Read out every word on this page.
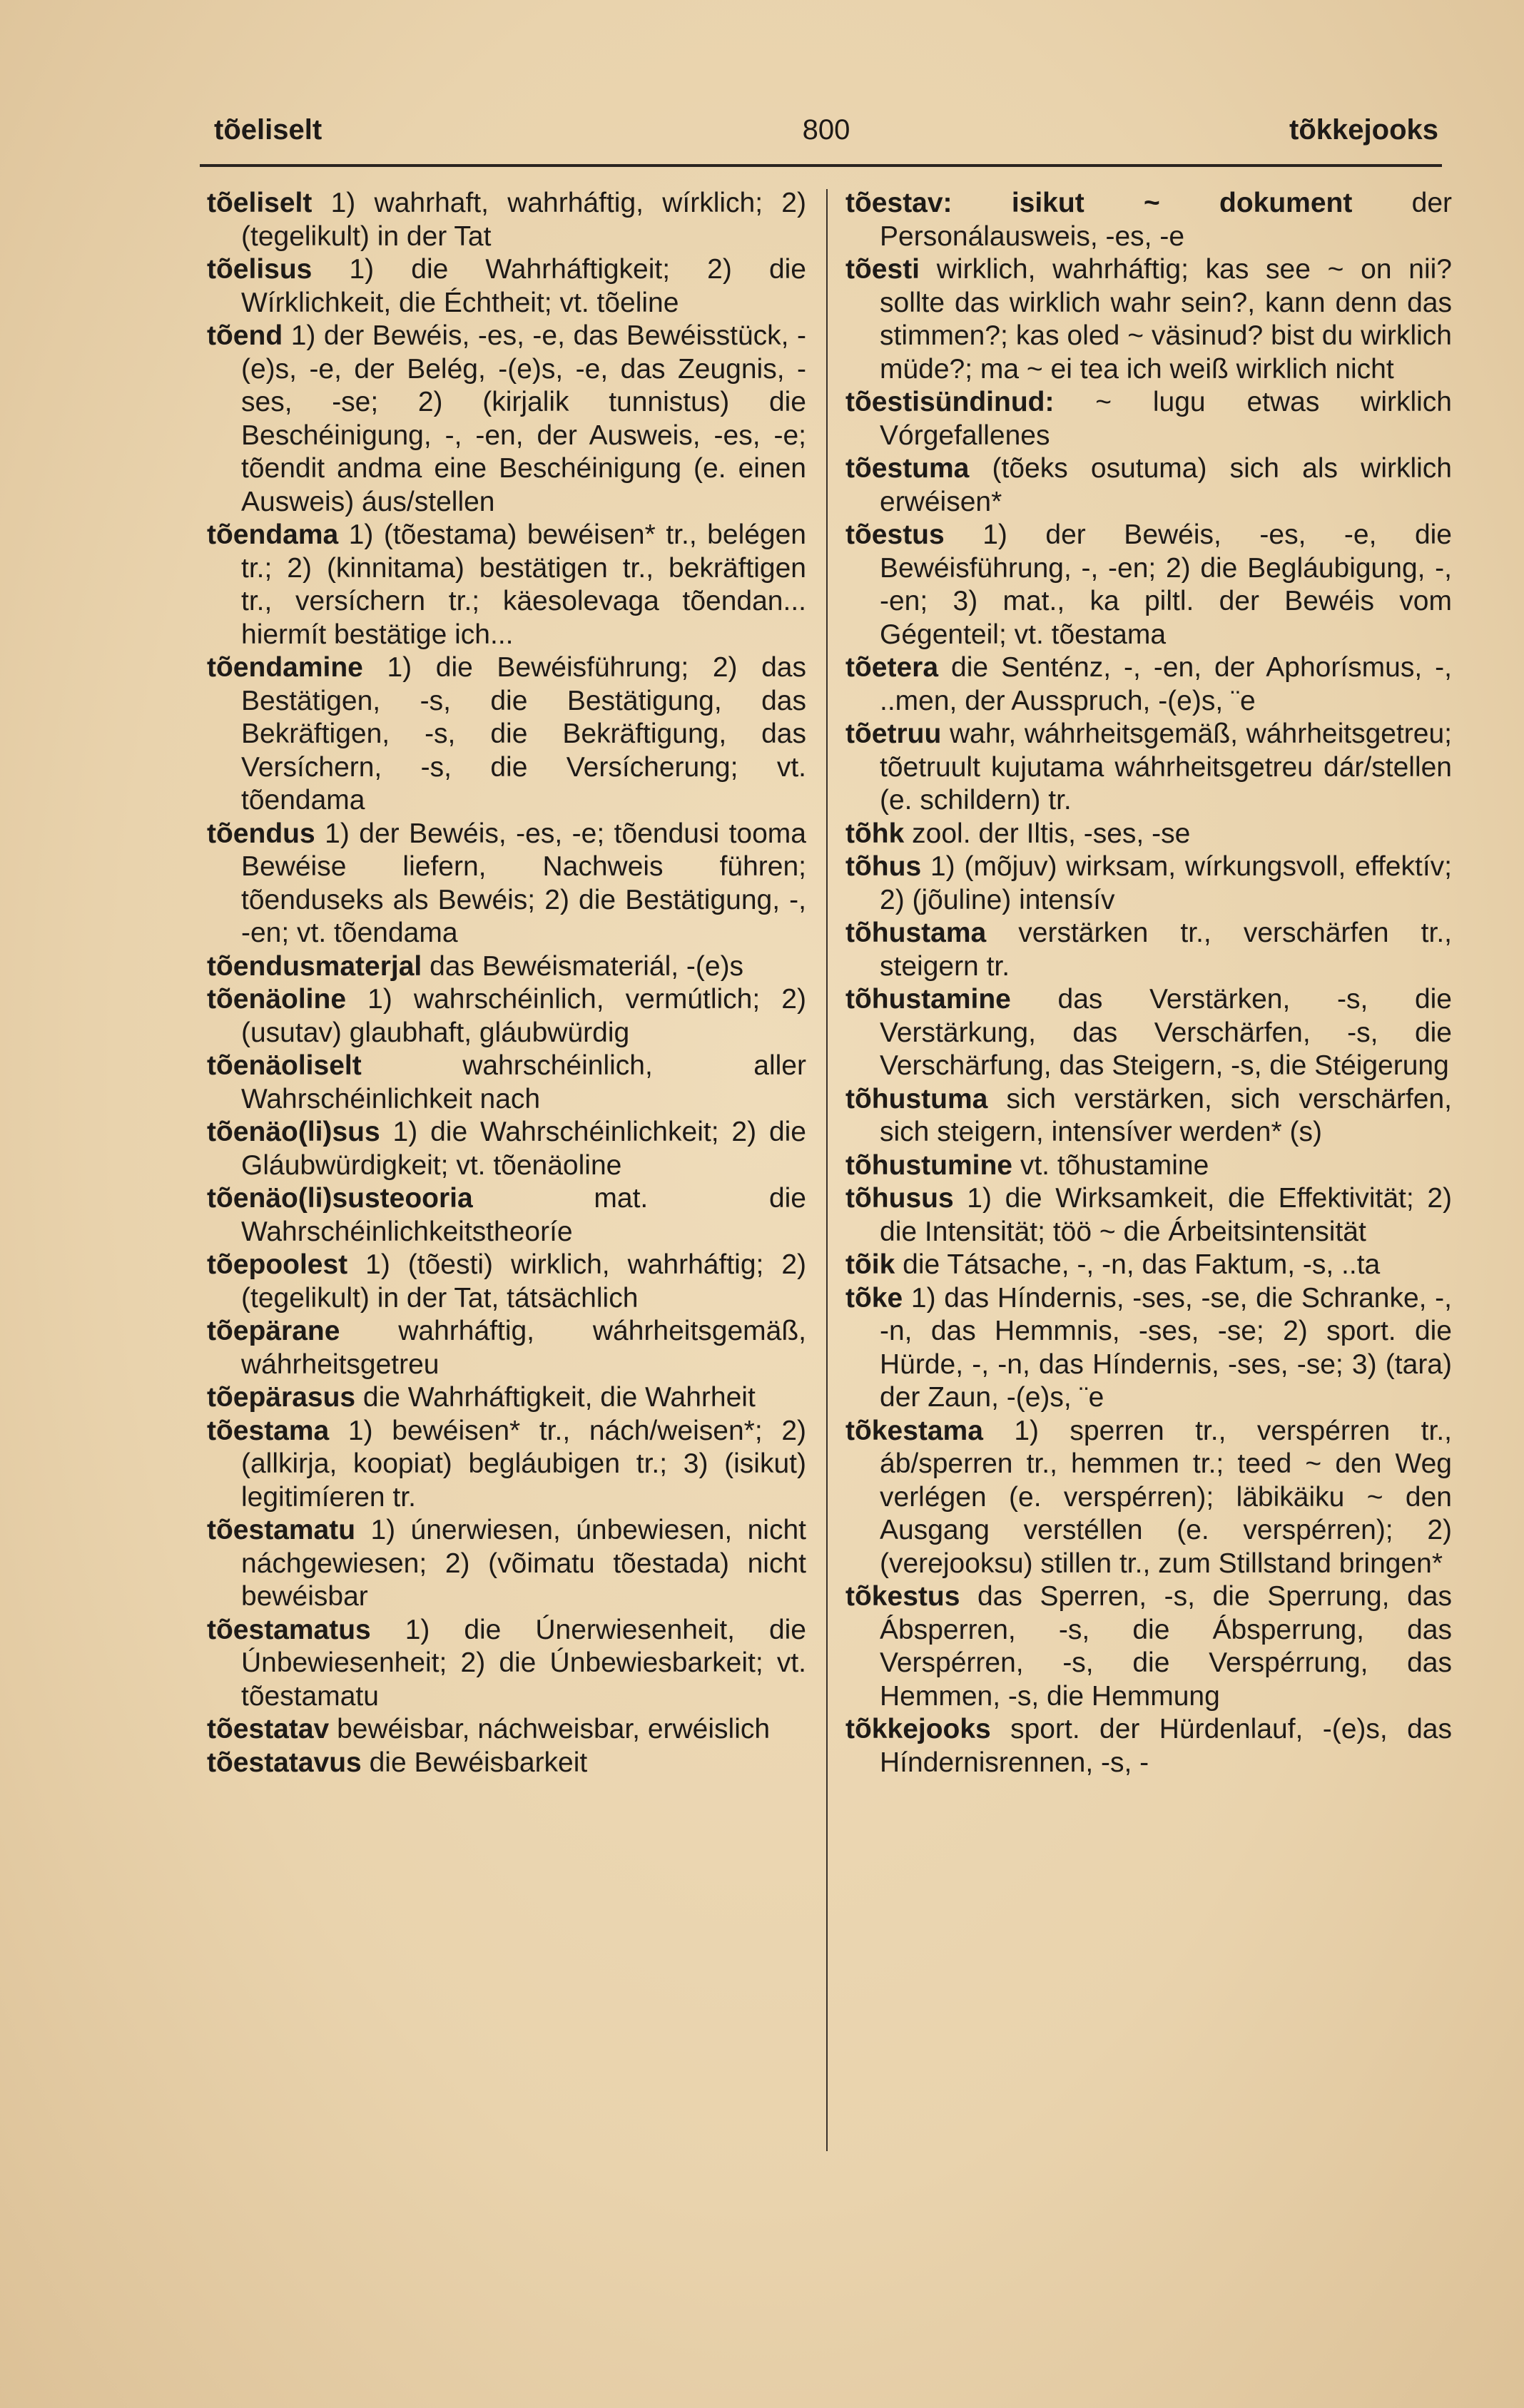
tõeliselt	800	tõkkejooks

tõeliselt 1) wahrhaft, wahrháftig, wírklich; 2) (tegelikult) in der Tat

tõelisus 1) die Wahrháftigkeit; 2) die Wírklichkeit, die Échtheit; vt. tõeline

tõend 1) der Bewéis, -es, -e, das Bewéisstück, -(e)s, -e, der Belég, -(e)s, -e, das Zeugnis, -ses, -se; 2) (kirjalik tunnistus) die Beschéinigung, -, -en, der Ausweis, -es, -e; tõendit andma eine Beschéinigung (e. einen Ausweis) áus/stellen

tõendama 1) (tõestama) bewéisen* tr., belégen tr.; 2) (kinnitama) bestätigen tr., bekräftigen tr., versíchern tr.; käesolevaga tõendan... hiermít bestätige ich...

tõendamine 1) die Bewéisführung; 2) das Bestätigen, -s, die Bestätigung, das Bekräftigen, -s, die Bekräftigung, das Versíchern, -s, die Versícherung; vt. tõendama

tõendus 1) der Bewéis, -es, -e; tõendusi tooma Bewéise liefern, Nachweis führen; tõenduseks als Bewéis; 2) die Bestätigung, -, -en; vt. tõendama

tõendusmaterjal das Bewéismateriál, -(e)s

tõenäoline 1) wahrschéinlich, vermútlich; 2) (usutav) glaubhaft, gláubwürdig

tõenäoliselt wahrschéinlich, aller Wahrschéinlichkeit nach

tõenäo(li)sus 1) die Wahrschéinlichkeit; 2) die Gláubwürdigkeit; vt. tõenäoline

tõenäo(li)susteooria mat. die Wahrschéinlichkeitstheoríe

tõepoolest 1) (tõesti) wirklich, wahrháftig; 2) (tegelikult) in der Tat, tátsächlich

tõepärane wahrháftig, wáhrheitsgemäß, wáhrheitsgetreu

tõepärasus die Wahrháftigkeit, die Wahrheit

tõestama 1) bewéisen* tr., nách/weisen*; 2) (allkirja, koopiat) begláubigen tr.; 3) (isikut) legitimíeren tr.

tõestamatu 1) únerwiesen, únbewiesen, nicht náchgewiesen; 2) (võimatu tõestada) nicht bewéisbar

tõestamatus 1) die Únerwiesenheit, die Únbewiesenheit; 2) die Únbewiesbarkeit; vt. tõestamatu

tõestatav bewéisbar, náchweisbar, erwéislich

tõestatavus die Bewéisbarkeit

tõestav: isikut ~ dokument der Personálausweis, -es, -e

tõesti wirklich, wahrháftig; kas see ~ on nii? sollte das wirklich wahr sein?, kann denn das stimmen?; kas oled ~ väsinud? bist du wirklich müde?; ma ~ ei tea ich weiß wirklich nicht

tõestisündinud: ~ lugu etwas wirklich Vórgefallenes

tõestuma (tõeks osutuma) sich als wirklich erwéisen*

tõestus 1) der Bewéis, -es, -e, die Bewéisführung, -, -en; 2) die Begláubigung, -, -en; 3) mat., ka piltl. der Bewéis vom Gégenteil; vt. tõestama

tõetera die Senténz, -, -en, der Aphorísmus, -, ..men, der Ausspruch, -(e)s, ¨e

tõetruu wahr, wáhrheitsgemäß, wáhrheitsgetreu; tõetruult kujutama wáhrheitsgetreu dár/stellen (e. schildern) tr.

tõhk zool. der Iltis, -ses, -se

tõhus 1) (mõjuv) wirksam, wírkungsvoll, effektív; 2) (jõuline) intensív

tõhustama verstärken tr., verschärfen tr., steigern tr.

tõhustamine das Verstärken, -s, die Verstärkung, das Verschärfen, -s, die Verschärfung, das Steigern, -s, die Stéigerung

tõhustuma sich verstärken, sich verschärfen, sich steigern, intensíver werden* (s)

tõhustumine vt. tõhustamine

tõhusus 1) die Wirksamkeit, die Effektivität; 2) die Intensität; töö ~ die Árbeitsintensität

tõik die Tátsache, -, -n, das Faktum, -s, ..ta

tõke 1) das Híndernis, -ses, -se, die Schranke, -, -n, das Hemmnis, -ses, -se; 2) sport. die Hürde, -, -n, das Híndernis, -ses, -se; 3) (tara) der Zaun, -(e)s, ¨e

tõkestama 1) sperren tr., verspérren tr., áb/sperren tr., hemmen tr.; teed ~ den Weg verlégen (e. verspérren); läbikäiku ~ den Ausgang verstéllen (e. verspérren); 2) (verejooksu) stillen tr., zum Stillstand bringen*

tõkestus das Sperren, -s, die Sperrung, das Ábsperren, -s, die Ábsperrung, das Verspérren, -s, die Verspérrung, das Hemmen, -s, die Hemmung

tõkkejooks sport. der Hürdenlauf, -(e)s, das Híndernisrennen, -s, -
